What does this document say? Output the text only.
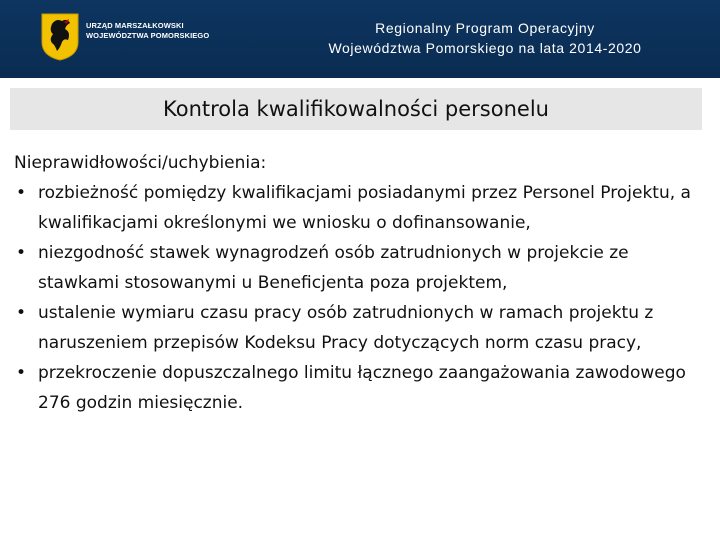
URZĄD MARSZAŁKOWSKI
WOJEWÓDZTWA POMORSKIEGO	Regionalny Program Operacyjny
Województwa Pomorskiego na lata 2014-2020
Kontrola kwalifikowalności personelu

Nieprawidłowości/uchybienia:

• rozbieżność pomiędzy kwalifikacjami posiadanymi przez Personel Projektu, a kwalifikacjami określonymi we wniosku o dofinansowanie,
• niezgodność stawek wynagrodzeń osób zatrudnionych w projekcie ze stawkami stosowanymi u Beneficjenta poza projektem,
• ustalenie wymiaru czasu pracy osób zatrudnionych w ramach projektu z naruszeniem przepisów Kodeksu Pracy dotyczących norm czasu pracy,
• przekroczenie dopuszczalnego limitu łącznego zaangażowania zawodowego 276 godzin miesięcznie.
